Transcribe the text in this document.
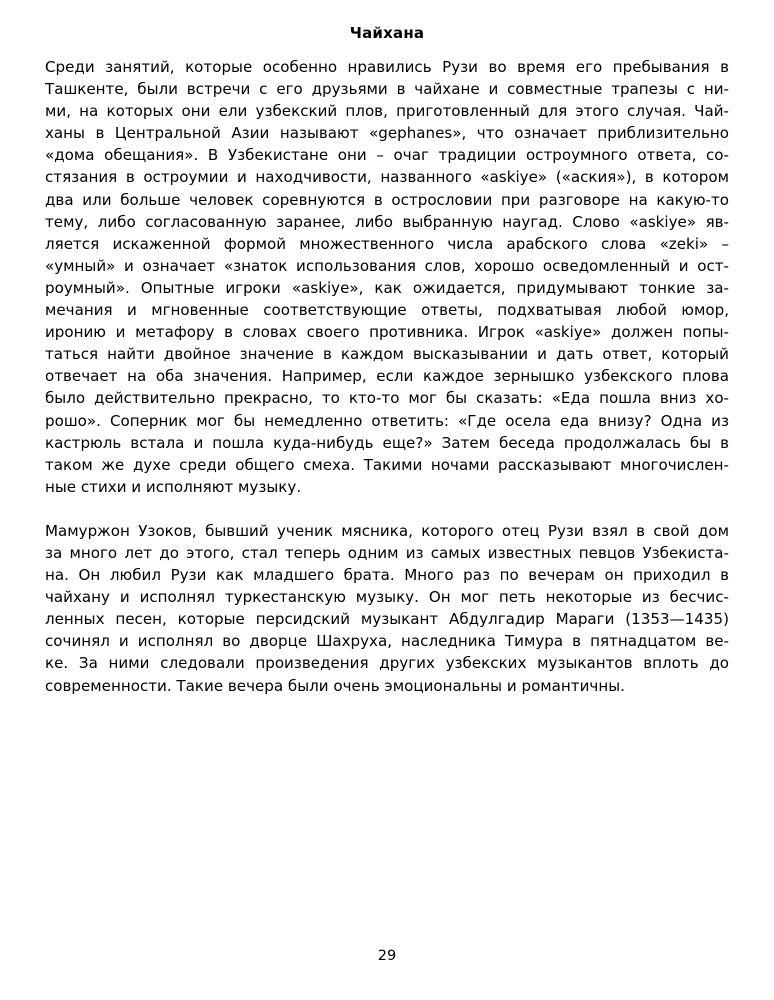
Чайхана

Среди занятий, которые особенно нравились Рузи во время его пребывания в
Ташкенте, были встречи с его друзьями в чайхане и совместные трапезы с ни-
ми, на которых они ели узбекский плов, приготовленный для этого случая. Чай-
ханы в Центральной Азии называют «gephanes», что означает приблизительно
«дома обещания». В Узбекистане они – очаг традиции остроумного ответа, со-
стязания в остроумии и находчивости, названного «askiye» («аския»), в котором
два или больше человек соревнуются в острословии при разговоре на какую-то
тему, либо согласованную заранее, либо выбранную наугад. Слово «askiye» яв-
ляется искаженной формой множественного числа арабского слова «zeki» –
«умный» и означает «знаток использования слов, хорошо осведомленный и ост-
роумный». Опытные игроки «askiye», как ожидается, придумывают тонкие за-
мечания и мгновенные соответствующие ответы, подхватывая любой юмор,
иронию и метафору в словах своего противника. Игрок «askiye» должен попы-
таться найти двойное значение в каждом высказывании и дать ответ, который
отвечает на оба значения. Например, если каждое зернышко узбекского плова
было действительно прекрасно, то кто-то мог бы сказать: «Еда пошла вниз хо-
рошо». Соперник мог бы немедленно ответить: «Где осела еда внизу? Одна из
кастрюль встала и пошла куда-нибудь еще?» Затем беседа продолжалась бы в
таком же духе среди общего смеха. Такими ночами рассказывают многочислен-
ные стихи и исполняют музыку.

Мамуржон Узоков, бывший ученик мясника, которого отец Рузи взял в свой дом
за много лет до этого, стал теперь одним из самых известных певцов Узбекиста-
на. Он любил Рузи как младшего брата. Много раз по вечерам он приходил в
чайхану и исполнял туркестанскую музыку. Он мог петь некоторые из бесчис-
ленных песен, которые персидский музыкант Абдулгадир Мараги (1353—1435)
сочинял и исполнял во дворце Шахруха, наследника Тимура в пятнадцатом ве-
ке. За ними следовали произведения других узбекских музыкантов вплоть до
современности. Такие вечера были очень эмоциональны и романтичны.

29
